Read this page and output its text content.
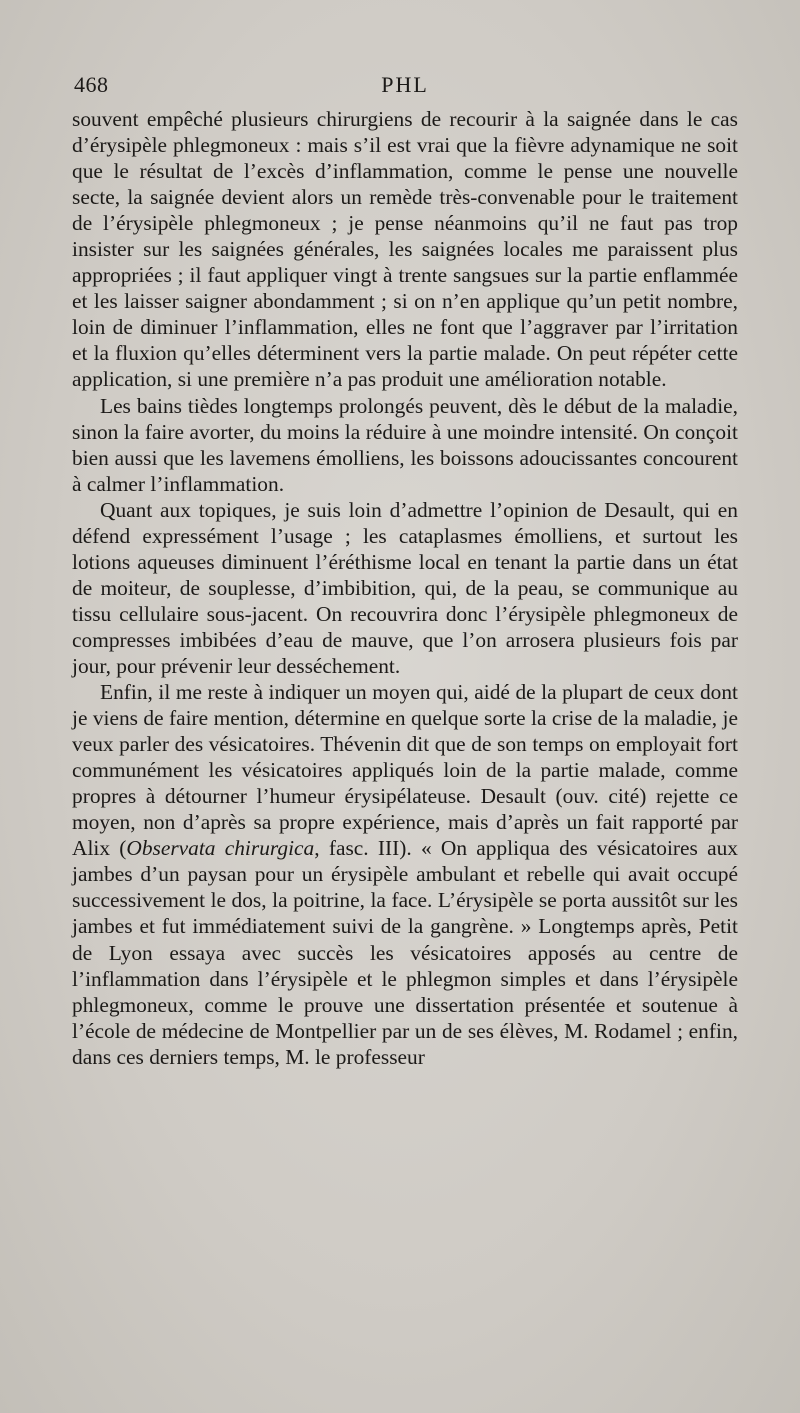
468	PHL

souvent empêché plusieurs chirurgiens de recourir à la saignée dans le cas d’érysipèle phlegmoneux : mais s’il est vrai que la fièvre adynamique ne soit que le résultat de l’excès d’inflammation, comme le pense une nouvelle secte, la saignée devient alors un remède très-convenable pour le traitement de l’érysipèle phlegmoneux ; je pense néanmoins qu’il ne faut pas trop insister sur les saignées générales, les saignées locales me paraissent plus appropriées ; il faut appliquer vingt à trente sangsues sur la partie enflammée et les laisser saigner abondamment ; si on n’en applique qu’un petit nombre, loin de diminuer l’inflammation, elles ne font que l’aggraver par l’irritation et la fluxion qu’elles déterminent vers la partie malade. On peut répéter cette application, si une première n’a pas produit une amélioration notable.

Les bains tièdes longtemps prolongés peuvent, dès le début de la maladie, sinon la faire avorter, du moins la réduire à une moindre intensité. On conçoit bien aussi que les lavemens émolliens, les boissons adoucissantes concourent à calmer l’inflammation.

Quant aux topiques, je suis loin d’admettre l’opinion de Desault, qui en défend expressément l’usage ; les cataplasmes émolliens, et surtout les lotions aqueuses diminuent l’éréthisme local en tenant la partie dans un état de moiteur, de souplesse, d’imbibition, qui, de la peau, se communique au tissu cellulaire sous-jacent. On recouvrira donc l’érysipèle phlegmoneux de compresses imbibées d’eau de mauve, que l’on arrosera plusieurs fois par jour, pour prévenir leur desséchement.

Enfin, il me reste à indiquer un moyen qui, aidé de la plupart de ceux dont je viens de faire mention, détermine en quelque sorte la crise de la maladie, je veux parler des vésicatoires. Thévenin dit que de son temps on employait fort communément les vésicatoires appliqués loin de la partie malade, comme propres à détourner l’humeur érysipélateuse. Desault (ouv. cité) rejette ce moyen, non d’après sa propre expérience, mais d’après un fait rapporté par Alix (Observata chirurgica, fasc. III). « On appliqua des vésicatoires aux jambes d’un paysan pour un érysipèle ambulant et rebelle qui avait occupé successivement le dos, la poitrine, la face. L’érysipèle se porta aussitôt sur les jambes et fut immédiatement suivi de la gangrène. » Longtemps après, Petit de Lyon essaya avec succès les vésicatoires apposés au centre de l’inflammation dans l’érysipèle et le phlegmon simples et dans l’érysipèle phlegmoneux, comme le prouve une dissertation présentée et soutenue à l’école de médecine de Montpellier par un de ses élèves, M. Rodamel ; enfin, dans ces derniers temps, M. le professeur
